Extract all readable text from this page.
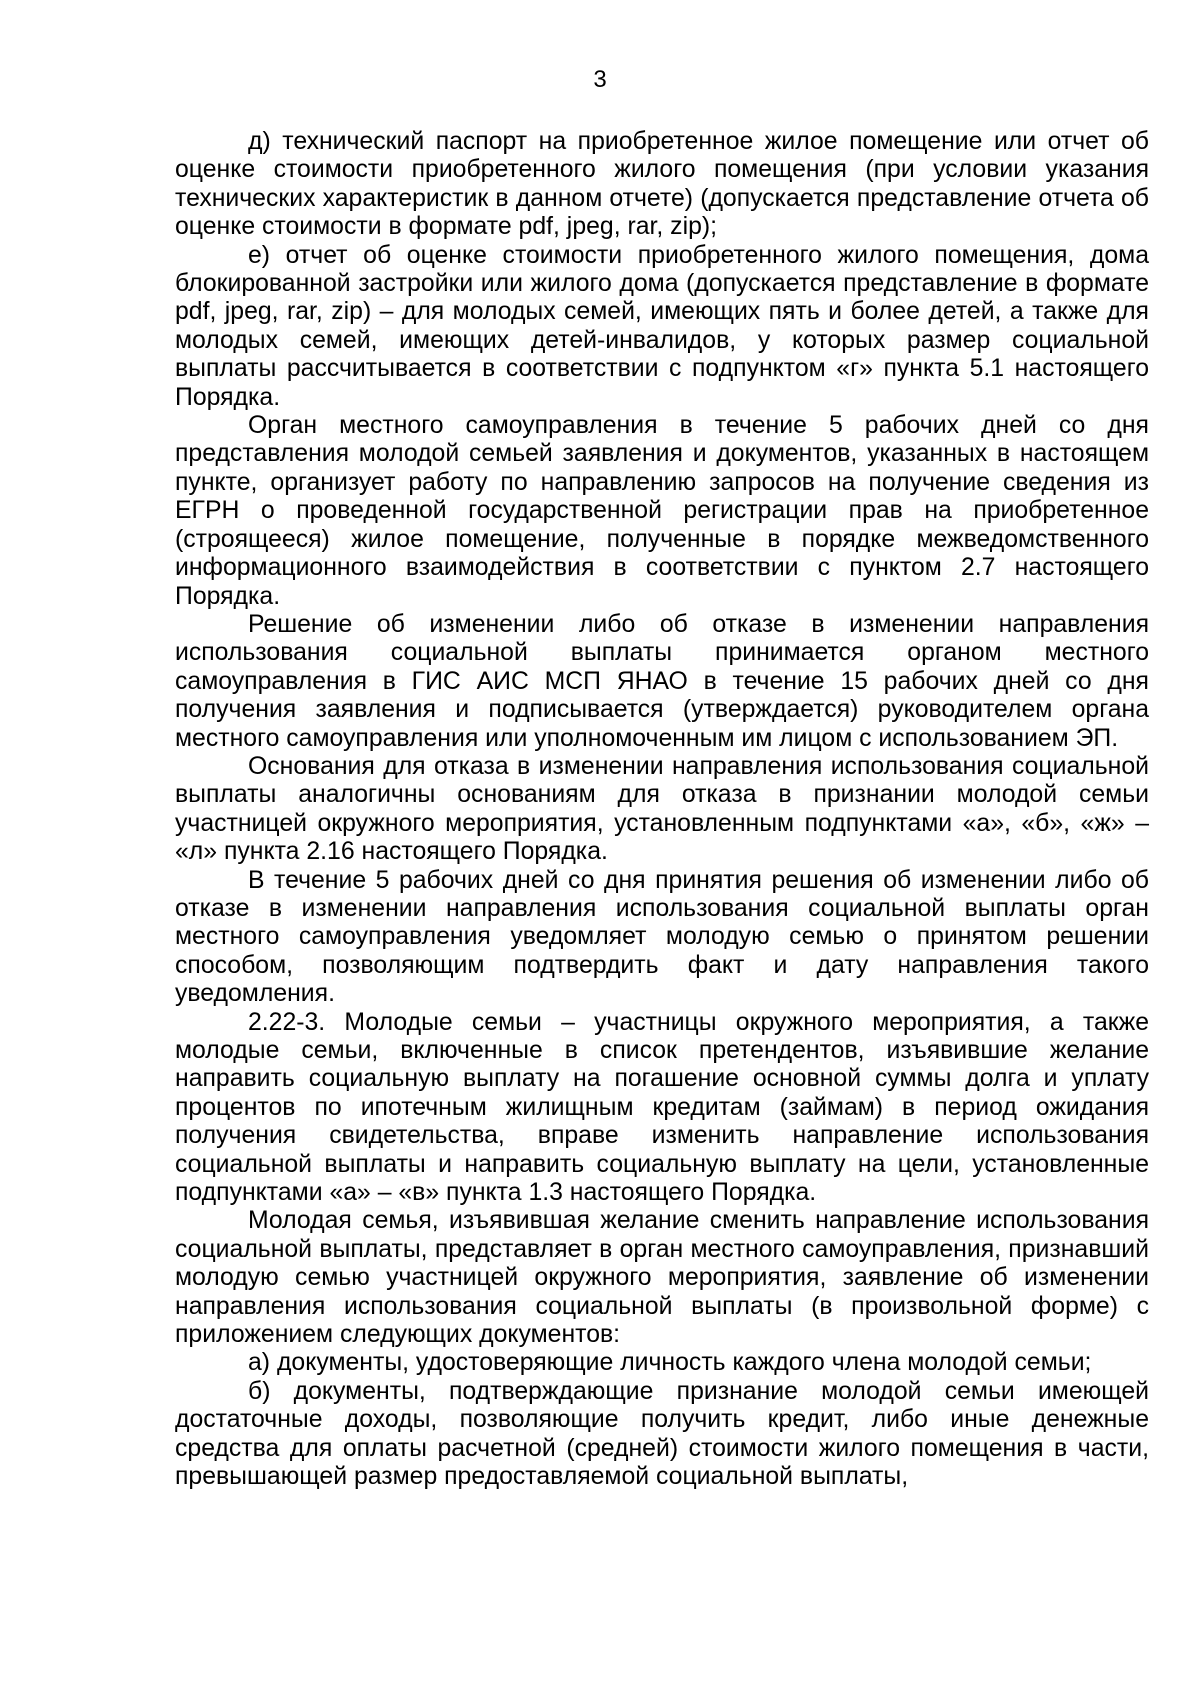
3

д) технический паспорт на приобретенное жилое помещение или отчет об оценке стоимости приобретенного жилого помещения (при условии указания технических характеристик в данном отчете) (допускается представление отчета об оценке стоимости в формате pdf, jpeg, rar, zip);

е) отчет об оценке стоимости приобретенного жилого помещения, дома блокированной застройки или жилого дома (допускается представление в формате pdf, jpeg, rar, zip) – для молодых семей, имеющих пять и более детей, а также для молодых семей, имеющих детей-инвалидов, у которых размер социальной выплаты рассчитывается в соответствии с подпунктом «г» пункта 5.1 настоящего Порядка.

Орган местного самоуправления в течение 5 рабочих дней со дня представления молодой семьей заявления и документов, указанных в настоящем пункте, организует работу по направлению запросов на получение сведения из ЕГРН о проведенной государственной регистрации прав на приобретенное (строящееся) жилое помещение, полученные в порядке межведомственного информационного взаимодействия в соответствии с пунктом 2.7 настоящего Порядка.

Решение об изменении либо об отказе в изменении направления использования социальной выплаты принимается органом местного самоуправления в ГИС АИС МСП ЯНАО в течение 15 рабочих дней со дня получения заявления и подписывается (утверждается) руководителем органа местного самоуправления или уполномоченным им лицом с использованием ЭП.

Основания для отказа в изменении направления использования социальной выплаты аналогичны основаниям для отказа в признании молодой семьи участницей окружного мероприятия, установленным подпунктами «а», «б», «ж» – «л» пункта 2.16 настоящего Порядка.

В течение 5 рабочих дней со дня принятия решения об изменении либо об отказе в изменении направления использования социальной выплаты орган местного самоуправления уведомляет молодую семью о принятом решении способом, позволяющим подтвердить факт и дату направления такого уведомления.

2.22-3. Молодые семьи – участницы окружного мероприятия, а также молодые семьи, включенные в список претендентов, изъявившие желание направить социальную выплату на погашение основной суммы долга и уплату процентов по ипотечным жилищным кредитам (займам) в период ожидания получения свидетельства, вправе изменить направление использования социальной выплаты и направить социальную выплату на цели, установленные подпунктами «а» – «в» пункта 1.3 настоящего Порядка.

Молодая семья, изъявившая желание сменить направление использования социальной выплаты, представляет в орган местного самоуправления, признавший молодую семью участницей окружного мероприятия, заявление об изменении направления использования социальной выплаты (в произвольной форме) с приложением следующих документов:

а) документы, удостоверяющие личность каждого члена молодой семьи;

б) документы, подтверждающие признание молодой семьи имеющей достаточные доходы, позволяющие получить кредит, либо иные денежные средства для оплаты расчетной (средней) стоимости жилого помещения в части, превышающей размер предоставляемой социальной выплаты,
